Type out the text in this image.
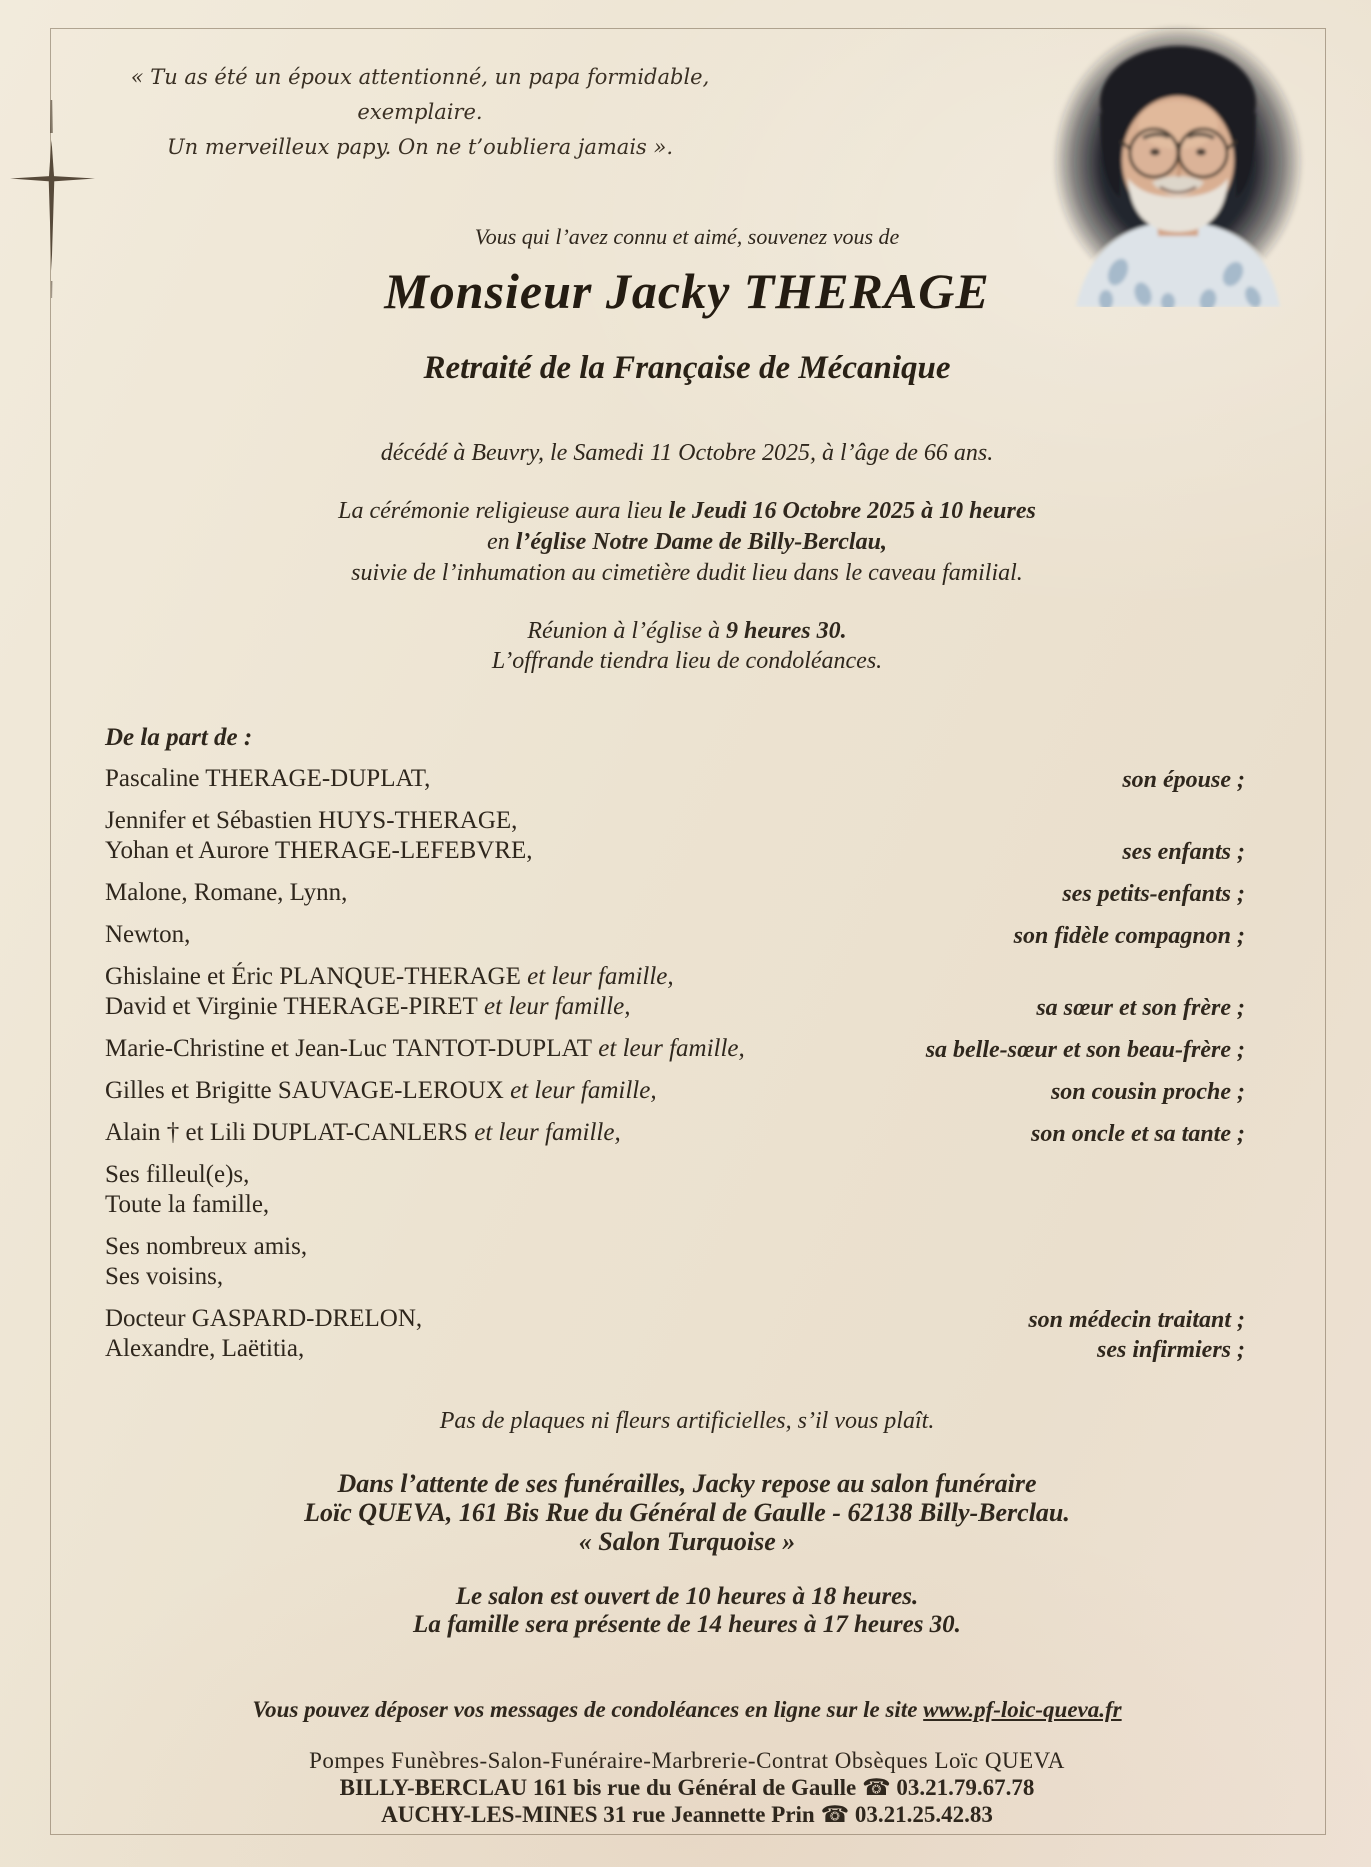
« Tu as été un époux attentionné, un papa formidable, exemplaire.
Un merveilleux papy. On ne t’oubliera jamais ».
Vous qui l’avez connu et aimé, souvenez vous de
Monsieur Jacky THERAGE
Retraité de la Française de Mécanique
décédé à Beuvry, le Samedi 11 Octobre 2025, à l’âge de 66 ans.
La cérémonie religieuse aura lieu le Jeudi 16 Octobre 2025 à 10 heures
en l’église Notre Dame de Billy-Berclau,
suivie de l’inhumation au cimetière dudit lieu dans le caveau familial.
Réunion à l’église à 9 heures 30.
L’offrande tiendra lieu de condoléances.
De la part de :
Pascaline THERAGE-DUPLAT,	son épouse ;
Jennifer et Sébastien HUYS-THERAGE,
Yohan et Aurore THERAGE-LEFEBVRE,	ses enfants ;
Malone, Romane, Lynn,	ses petits-enfants ;
Newton,	son fidèle compagnon ;
Ghislaine et Éric PLANQUE-THERAGE et leur famille,
David et Virginie THERAGE-PIRET et leur famille,	sa sœur et son frère ;
Marie-Christine et Jean-Luc TANTOT-DUPLAT et leur famille,	sa belle-sœur et son beau-frère ;
Gilles et Brigitte SAUVAGE-LEROUX et leur famille,	son cousin proche ;
Alain † et Lili DUPLAT-CANLERS et leur famille,	son oncle et sa tante ;
Ses filleul(e)s,
Toute la famille,
Ses nombreux amis,
Ses voisins,
Docteur GASPARD-DRELON,	son médecin traitant ;
Alexandre, Laëtitia,	ses infirmiers ;
Pas de plaques ni fleurs artificielles, s’il vous plaît.
Dans l’attente de ses funérailles, Jacky repose au salon funéraire
Loïc QUEVA, 161 Bis Rue du Général de Gaulle - 62138 Billy-Berclau.
« Salon Turquoise »
Le salon est ouvert de 10 heures à 18 heures.
La famille sera présente de 14 heures à 17 heures 30.
Vous pouvez déposer vos messages de condoléances en ligne sur le site www.pf-loic-queva.fr
Pompes Funèbres-Salon-Funéraire-Marbrerie-Contrat Obsèques Loïc QUEVA
BILLY-BERCLAU 161 bis rue du Général de Gaulle ☎ 03.21.79.67.78
AUCHY-LES-MINES 31 rue Jeannette Prin ☎ 03.21.25.42.83
